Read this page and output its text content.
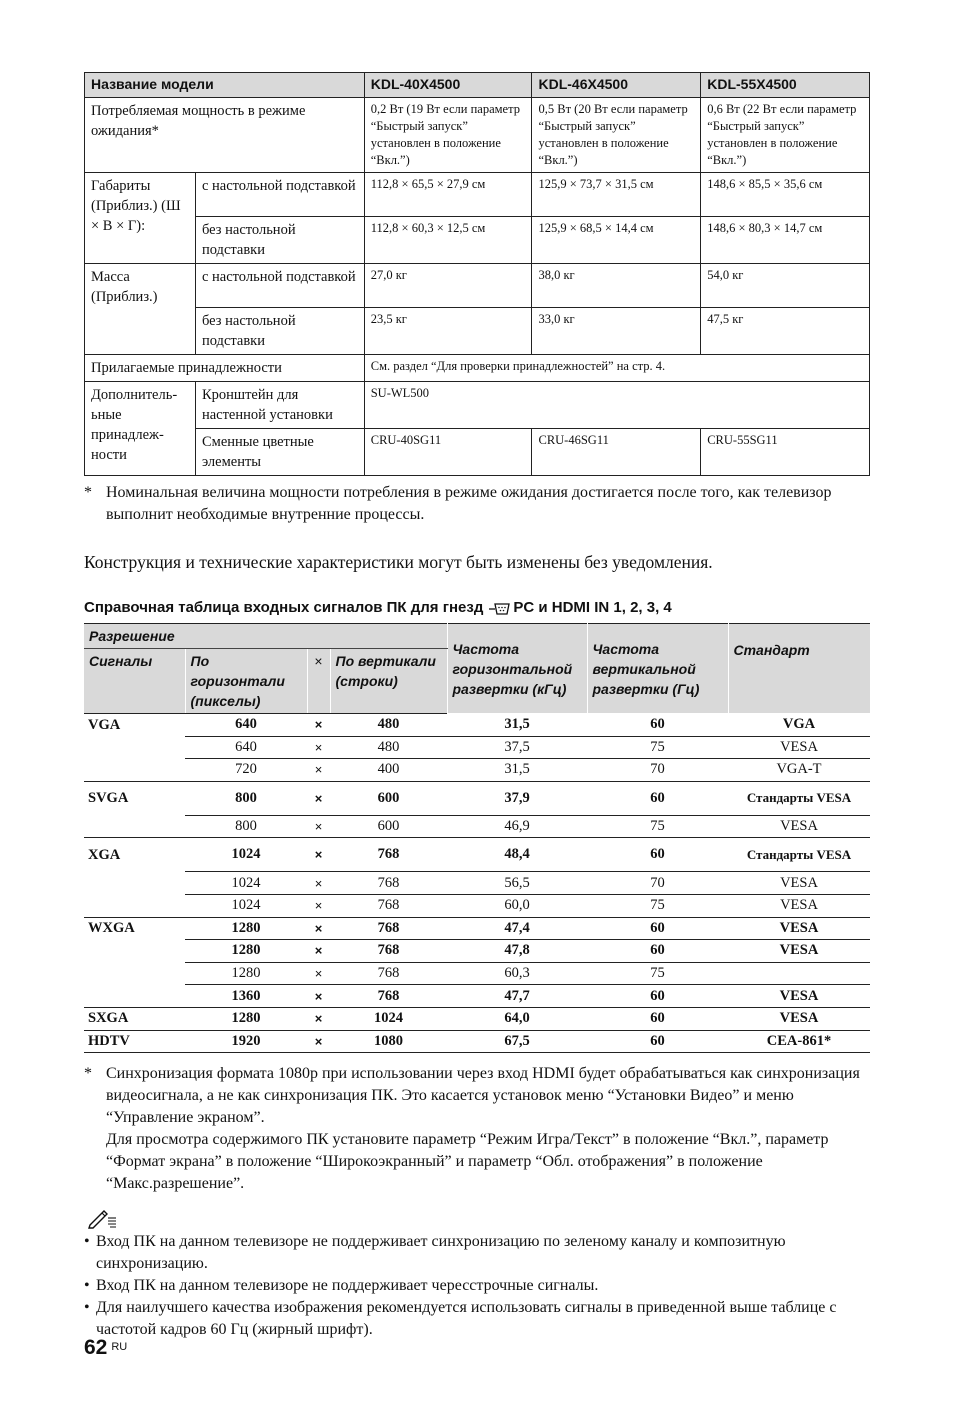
Название модели		KDL-40X4500	KDL-46X4500	KDL-55X4500
Потребляемая мощность в режиме ожидания*		0,2 Вт (19 Вт если параметр “Быстрый запуск” установлен в положение “Вкл.”)	0,5 Вт (20 Вт если параметр “Быстрый запуск” установлен в положение “Вкл.”)	0,6 Вт (22 Вт если параметр “Быстрый запуск” установлен в положение “Вкл.”)
Габариты (Приблиз.) (Ш × В × Г):	с настольной подставкой	112,8 × 65,5 × 27,9 см	125,9 × 73,7 × 31,5 см	148,6 × 85,5 × 35,6 см
	без настольной подставки	112,8 × 60,3 × 12,5 см	125,9 × 68,5 × 14,4 см	148,6 × 80,3 × 14,7 см
Масса (Приблиз.)	с настольной подставкой	27,0 кг	38,0 кг	54,0 кг
	без настольной подставки	23,5 кг	33,0 кг	47,5 кг
Прилагаемые принадлежности		См. раздел “Для проверки принадлежностей” на стр. 4.		
Дополнитель-ьные принадлеж-ности	Кронштейн для настенной установки	SU-WL500		
	Сменные цветные элементы	CRU-40SG11	CRU-46SG11	CRU-55SG11
* Номинальная величина мощности потребления в режиме ожидания достигается после того, как телевизор выполнит необходимые внутренние процессы.

Конструкция и технические характеристики могут быть изменены без уведомления.

Справочная таблица входных сигналов ПК для гнезд PC и HDMI IN 1, 2, 3, 4
Разрешение				Частота горизонтальной развертки (кГц)	Частота вертикальной развертки (Гц)	Стандарт
Сигналы	По горизонтали (пикселы)	×	По вертикали (строки)			
VGA	640	×	480	31,5	60	VGA
	640	×	480	37,5	75	VESA
	720	×	400	31,5	70	VGA-T
SVGA	800	×	600	37,9	60	Стандарты VESA
	800	×	600	46,9	75	VESA
XGA	1024	×	768	48,4	60	Стандарты VESA
	1024	×	768	56,5	70	VESA
	1024	×	768	60,0	75	VESA
WXGA	1280	×	768	47,4	60	VESA
	1280	×	768	47,8	60	VESA
	1280	×	768	60,3	75	
	1360	×	768	47,7	60	VESA
SXGA	1280	×	1024	64,0	60	VESA
HDTV	1920	×	1080	67,5	60	CEA-861*
* Синхронизация формата 1080p при использовании через вход HDMI будет обрабатываться как синхронизация видеосигнала, а не как синхронизация ПК. Это касается установок меню “Установки Видео” и меню “Управление экраном”.
Для просмотра содержимого ПК установите параметр “Режим Игра/Текст” в положение “Вкл.”, параметр “Формат экрана” в положение “Широкоэкранный” и параметр “Обл. отображения” в положение “Макс.разрешение”.
• Вход ПК на данном телевизоре не поддерживает синхронизацию по зеленому каналу и композитную синхронизацию.
• Вход ПК на данном телевизоре не поддерживает чересстрочные сигналы.
• Для наилучшего качества изображения рекомендуется использовать сигналы в приведенной выше таблице с частотой кадров 60 Гц (жирный шрифт).
62 $^{RU}$
